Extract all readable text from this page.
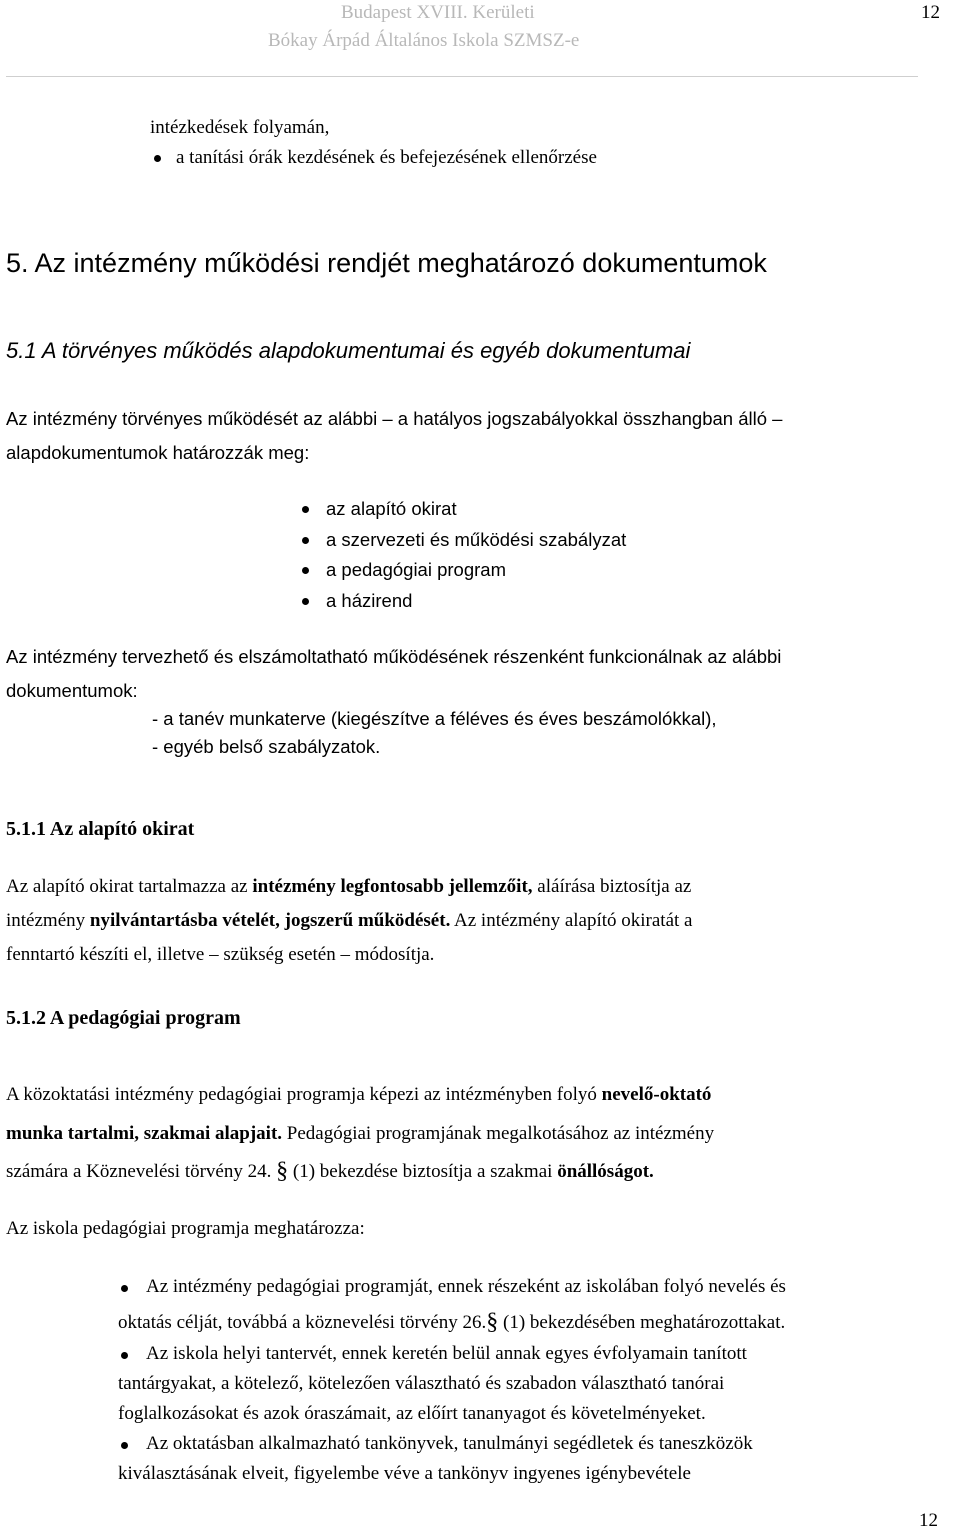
Budapest XVIII. Kerületi
Bókay Árpád Általános Iskola SZMSZ-e
12
intézkedések folyamán,
a tanítási órák kezdésének és befejezésének ellenőrzése
5. Az intézmény működési rendjét meghatározó dokumentumok
5.1 A törvényes működés alapdokumentumai és egyéb dokumentumai
Az intézmény törvényes működését az alábbi – a hatályos jogszabályokkal összhangban álló –
alapdokumentumok határozzák meg:
az alapító okirat
a szervezeti és működési szabályzat
a pedagógiai program
a házirend
Az intézmény tervezhető és elszámoltatható működésének részenként funkcionálnak az alábbi
dokumentumok:
- a tanév munkaterve (kiegészítve a féléves és éves beszámolókkal),
- egyéb belső szabályzatok.
5.1.1 Az alapító okirat
Az alapító okirat tartalmazza az intézmény legfontosabb jellemzőit, aláírása biztosítja az
intézmény nyilvántartásba vételét, jogszerű működését. Az intézmény alapító okiratát a
fenntartó készíti el, illetve – szükség esetén – módosítja.
5.1.2 A pedagógiai program
A közoktatási intézmény pedagógiai programja képezi az intézményben folyó nevelő-oktató
munka tartalmi, szakmai alapjait. Pedagógiai programjának megalkotásához az intézmény
számára a Köznevelési törvény 24. § (1) bekezdése biztosítja a szakmai önállóságot.
Az iskola pedagógiai programja meghatározza:
Az intézmény pedagógiai programját, ennek részeként az iskolában folyó nevelés és
oktatás célját, továbbá a köznevelési törvény 26.§ (1) bekezdésében meghatározottakat.
Az iskola helyi tantervét, ennek keretén belül annak egyes évfolyamain tanított
tantárgyakat, a kötelező, kötelezően választható és szabadon választható tanórai
foglalkozásokat és azok óraszámait, az előírt tananyagot és követelményeket.
Az oktatásban alkalmazható tankönyvek, tanulmányi segédletek és taneszközök
kiválasztásának elveit, figyelembe véve a tankönyv ingyenes igénybevétele
12
